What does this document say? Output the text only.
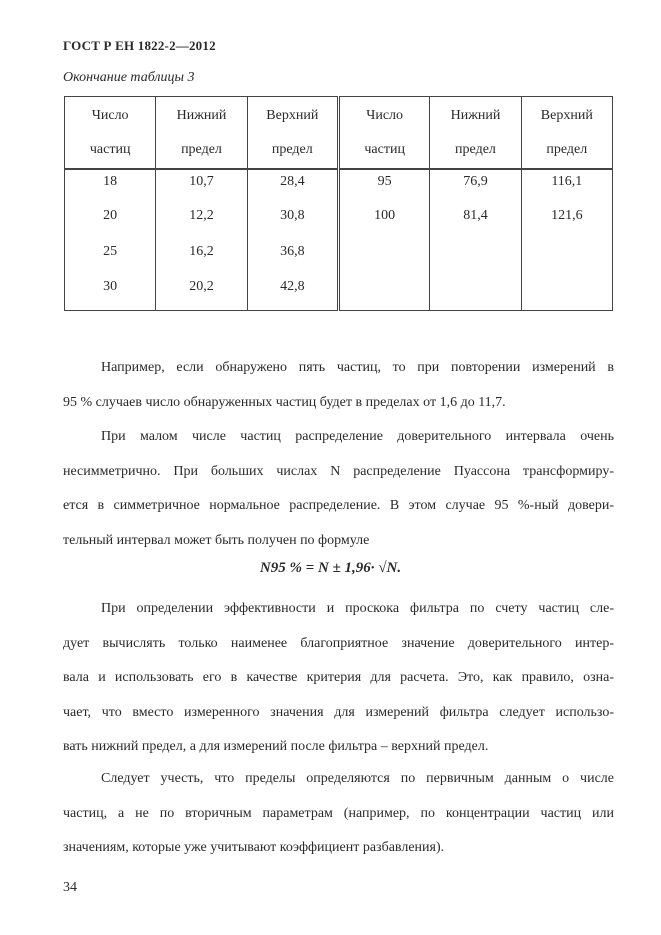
ГОСТ Р ЕН 1822-2—2012
Окончание таблицы 3
Число	Нижний	Верхний	Число	Нижний	Верхний
частиц	предел	предел	частиц	предел	предел
18	10,7	28,4	95	76,9	116,1
20	12,2	30,8	100	81,4	121,6
25	16,2	36,8			
30	20,2	42,8			
Например, если обнаружено пять частиц, то при повторении измерений в
95 % случаев число обнаруженных частиц будет в пределах от 1,6 до 11,7.
При малом числе частиц распределение доверительного интервала очень
несимметрично. При больших числах N распределение Пуассона трансформиру-
ется в симметричное нормальное распределение. В этом случае 95 %-ный довери-
тельный интервал может быть получен по формуле
N95 % = N ± 1,96· √N.
При определении эффективности и проскока фильтра по счету частиц сле-
дует вычислять только наименее благоприятное значение доверительного интер-
вала и использовать его в качестве критерия для расчета. Это, как правило, озна-
чает, что вместо измеренного значения для измерений фильтра следует использо-
вать нижний предел, а для измерений после фильтра – верхний предел.
Следует учесть, что пределы определяются по первичным данным о числе
частиц, а не по вторичным параметрам (например, по концентрации частиц или
значениям, которые уже учитывают коэффициент разбавления).
34
